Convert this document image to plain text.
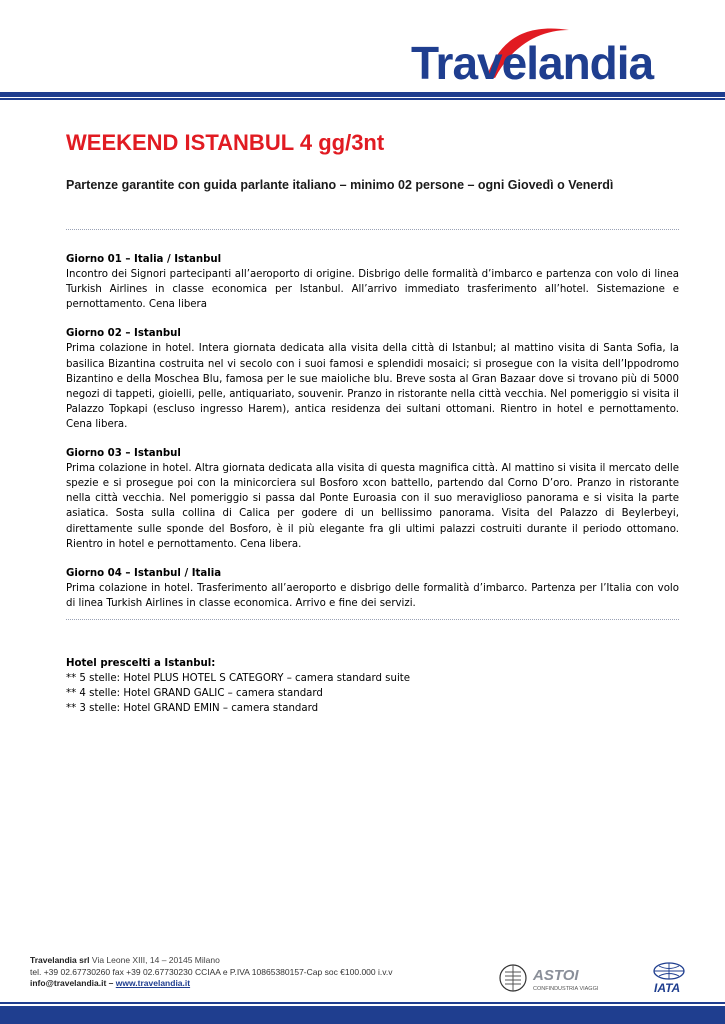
Travelandia
WEEKEND ISTANBUL 4 gg/3nt
Partenze garantite con guida parlante italiano – minimo 02 persone – ogni Giovedì o Venerdì
Giorno 01 – Italia / Istanbul
Incontro dei Signori partecipanti all’aeroporto di origine. Disbrigo delle formalità d’imbarco e partenza con volo di linea Turkish Airlines in classe economica per Istanbul. All’arrivo immediato trasferimento all’hotel. Sistemazione e pernottamento. Cena libera
Giorno 02 – Istanbul
Prima colazione in hotel. Intera giornata dedicata alla visita della città di Istanbul; al mattino visita di Santa Sofia, la basilica Bizantina costruita nel vi secolo con i suoi famosi e splendidi mosaici; si prosegue con la visita dell’Ippodromo Bizantino e della Moschea Blu, famosa per le sue maioliche blu. Breve sosta al Gran Bazaar dove si trovano più di 5000 negozi di tappeti, gioielli, pelle, antiquariato, souvenir. Pranzo in ristorante nella città vecchia. Nel pomeriggio si visita il Palazzo Topkapi (escluso ingresso Harem), antica residenza dei sultani ottomani. Rientro in hotel e pernottamento. Cena libera.
Giorno 03 – Istanbul
Prima colazione in hotel. Altra giornata dedicata alla visita di questa magnifica città. Al mattino si visita il mercato delle spezie e si prosegue poi con la minicorciera sul Bosforo xcon battello, partendo dal Corno D’oro. Pranzo in ristorante nella città vecchia. Nel pomeriggio si passa dal Ponte Euroasia con il suo meraviglioso panorama e si visita la parte asiatica. Sosta sulla collina di Calica per godere di un bellissimo panorama. Visita del Palazzo di Beylerbeyi, direttamente sulle sponde del Bosforo, è il più elegante fra gli ultimi palazzi costruiti durante il periodo ottomano. Rientro in hotel e pernottamento. Cena libera.
Giorno 04 – Istanbul / Italia
Prima colazione in hotel. Trasferimento all’aeroporto e disbrigo delle formalità d’imbarco. Partenza per l’Italia con volo di linea Turkish Airlines in classe economica. Arrivo e fine dei servizi.
Hotel prescelti a Istanbul:
** 5 stelle: Hotel PLUS HOTEL S CATEGORY – camera standard suite
** 4 stelle: Hotel GRAND GALIC – camera standard
** 3 stelle: Hotel GRAND EMIN – camera standard
Travelandia srl Via Leone XIII, 14 – 20145 Milano
tel. +39 02.67730260 fax +39 02.67730230 CCIAA e P.IVA 10865380157-Cap soc €100.000 i.v.v
info@travelandia.it – www.travelandia.it	ASTOI
CONFINDUSTRIA VIAGGI	IATA
